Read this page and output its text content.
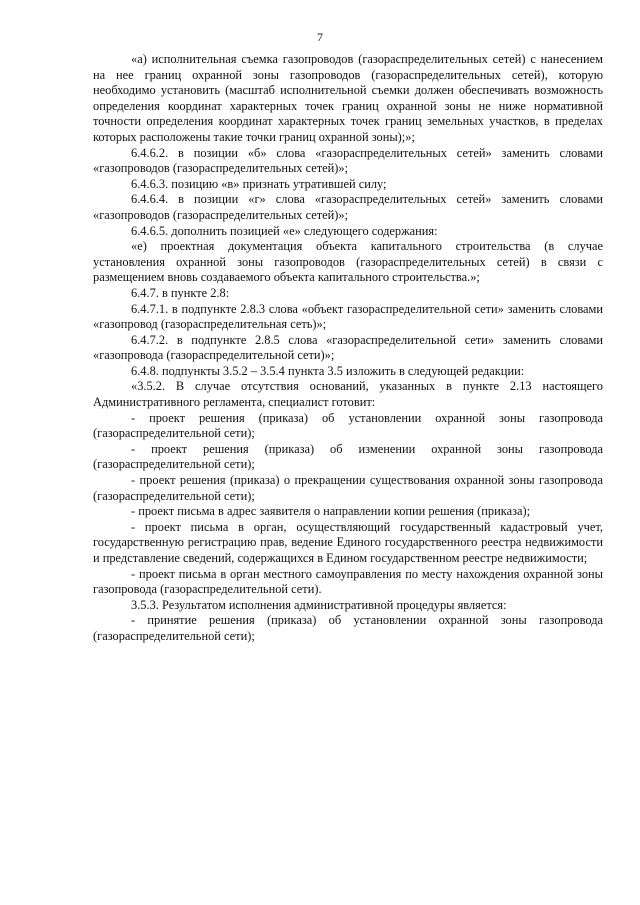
7

«а) исполнительная съемка газопроводов (газораспределительных сетей) с нанесением на нее границ охранной зоны газопроводов (газораспределительных сетей), которую необходимо установить (масштаб исполнительной съемки должен обеспечивать возможность определения координат характерных точек границ охранной зоны не ниже нормативной точности определения координат характерных точек границ земельных участков, в пределах которых расположены такие точки границ охранной зоны);»;

6.4.6.2. в позиции «б» слова «газораспределительных сетей» заменить словами «газопроводов (газораспределительных сетей)»;

6.4.6.3. позицию «в» признать утратившей силу;

6.4.6.4. в позиции «г» слова «газораспределительных сетей» заменить словами «газопроводов (газораспределительных сетей)»;

6.4.6.5. дополнить позицией «е» следующего содержания:

«е) проектная документация объекта капитального строительства (в случае установления охранной зоны газопроводов (газораспределительных сетей) в связи с размещением вновь создаваемого объекта капитального строительства.»;

6.4.7. в пункте 2.8:

6.4.7.1. в подпункте 2.8.3 слова «объект газораспределительной сети» заменить словами «газопровод (газораспределительная сеть)»;

6.4.7.2. в подпункте 2.8.5 слова «газораспределительной сети» заменить словами «газопровода (газораспределительной сети)»;

6.4.8. подпункты 3.5.2 – 3.5.4 пункта 3.5 изложить в следующей редакции:

«3.5.2. В случае отсутствия оснований, указанных в пункте 2.13 настоящего Административного регламента, специалист готовит:

- проект решения (приказа) об установлении охранной зоны газопровода (газораспределительной сети);

- проект решения (приказа) об изменении охранной зоны газопровода (газораспределительной сети);

- проект решения (приказа) о прекращении существования охранной зоны газопровода (газораспределительной сети);

- проект письма в адрес заявителя о направлении копии решения (приказа);

- проект письма в орган, осуществляющий государственный кадастровый учет, государственную регистрацию прав, ведение Единого государственного реестра недвижимости и представление сведений, содержащихся в Едином государственном реестре недвижимости;

- проект письма в орган местного самоуправления по месту нахождения охранной зоны газопровода (газораспределительной сети).

3.5.3. Результатом исполнения административной процедуры является:

- принятие решения (приказа) об установлении охранной зоны газопровода (газораспределительной сети);
